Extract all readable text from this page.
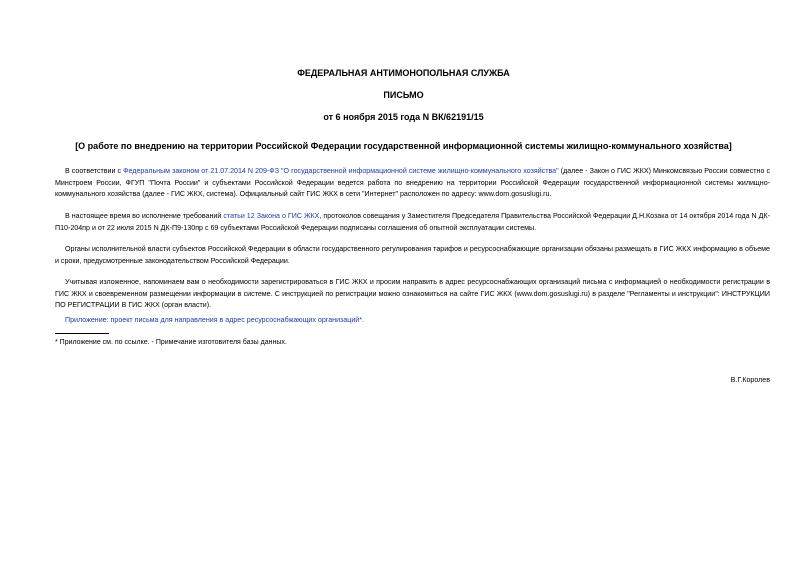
ФЕДЕРАЛЬНАЯ АНТИМОНОПОЛЬНАЯ СЛУЖБА
ПИСЬМО
от 6 ноября 2015 года N ВК/62191/15
[О работе по внедрению на территории Российской Федерации государственной информационной системы жилищно-коммунального хозяйства]

В соответствии с Федеральным законом от 21.07.2014 N 209-ФЗ "О государственной информационной системе жилищно-коммунального хозяйства" (далее - Закон о ГИС ЖКХ) Минкомсвязью России совместно с Минстроем России, ФГУП "Почта России" и субъектами Российской Федерации ведется работа по внедрению на территории Российской Федерации государственной информационной системы жилищно-коммунального хозяйства (далее - ГИС ЖКХ, система). Официальный сайт ГИС ЖКХ в сети "Интернет" расположен по адресу: www.dom.gosuslugi.ru.

В настоящее время во исполнение требований статьи 12 Закона о ГИС ЖКХ, протоколов совещания у Заместителя Председателя Правительства Российской Федерации Д.Н.Козака от 14 октября 2014 года N ДК-П10-204пр и от 22 июля 2015 N ДК-П9-130пр с 69 субъектами Российской Федерации подписаны соглашения об опытной эксплуатации системы.

Органы исполнительной власти субъектов Российской Федерации в области государственного регулирования тарифов и ресурсоснабжающие организации обязаны размещать в ГИС ЖКХ информацию в объеме и сроки, предусмотренные законодательством Российской Федерации.

Учитывая изложенное, напоминаем вам о необходимости зарегистрироваться в ГИС ЖКХ и просим направить в адрес ресурсоснабжающих организаций письма с информацией о необходимости регистрации в ГИС ЖКХ и своевременном размещении информации в системе. С инструкцией по регистрации можно ознакомиться на сайте ГИС ЖКХ (www.dom.gosuslugi.ru) в разделе "Регламенты и инструкции": ИНСТРУКЦИИ ПО РЕГИСТРАЦИИ В ГИС ЖКХ (орган власти).

Приложение: проект письма для направления в адрес ресурсоснабжающих организаций*.

* Приложение см. по ссылке. - Примечание изготовителя базы данных.
В.Г.Королев
